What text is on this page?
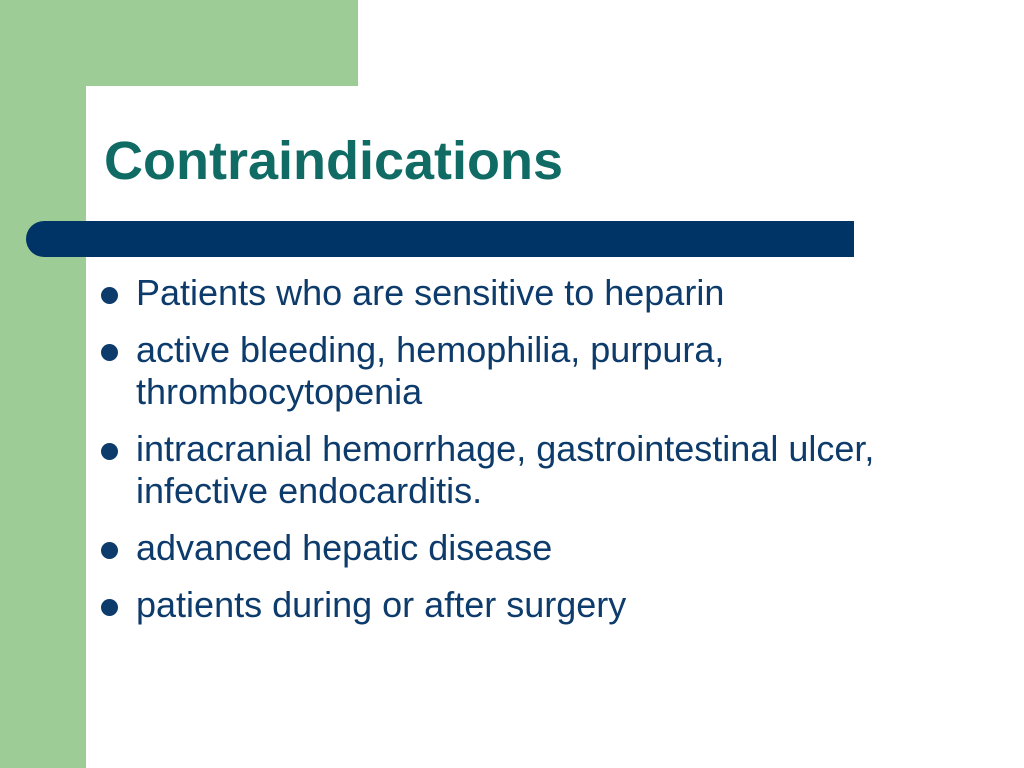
Contraindications
Patients who are sensitive to heparin
active bleeding, hemophilia, purpura, thrombocytopenia
intracranial hemorrhage, gastrointestinal ulcer, infective endocarditis.
advanced hepatic disease
patients during or after surgery
